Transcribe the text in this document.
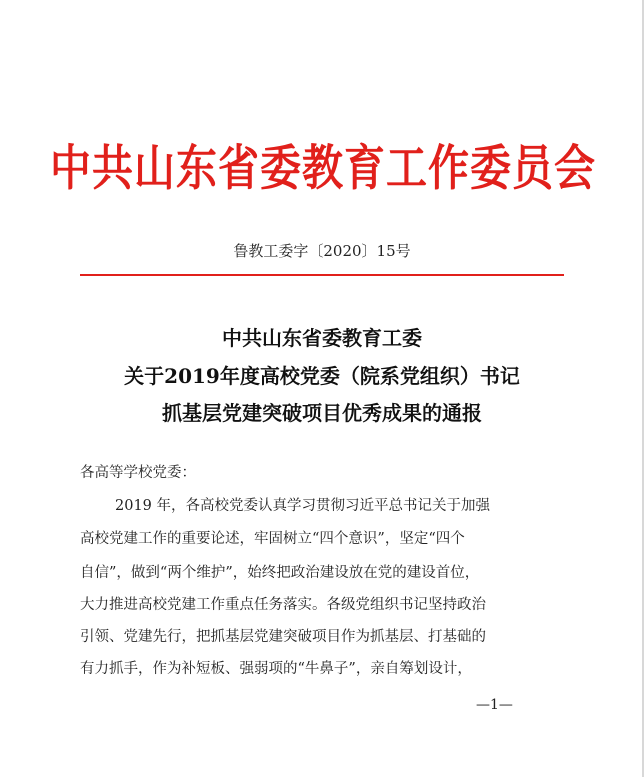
中共山东省委教育工作委员会
鲁教工委字〔2020〕15号
中共山东省委教育工委
关于2019年度高校党委（院系党组织）书记
抓基层党建突破项目优秀成果的通报
各高等学校党委：
2019 年，各高校党委认真学习贯彻习近平总书记关于加强
高校党建工作的重要论述，牢固树立“四个意识”，坚定“四个
自信”，做到“两个维护”，始终把政治建设放在党的建设首位，
大力推进高校党建工作重点任务落实。各级党组织书记坚持政治
引领、党建先行，把抓基层党建突破项目作为抓基层、打基础的
有力抓手，作为补短板、强弱项的“牛鼻子”，亲自筹划设计，
—1—
